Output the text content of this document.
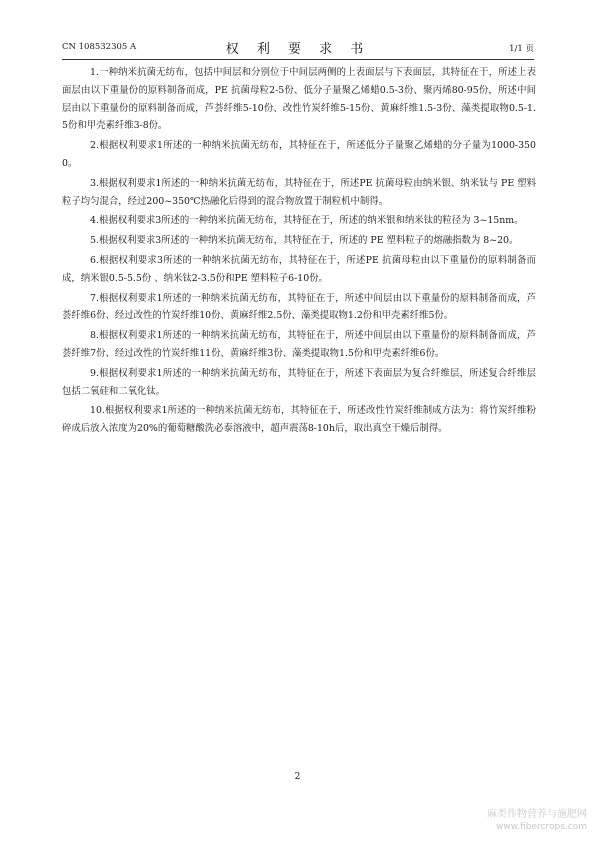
CN 108532305 A	权 利 要 求 书	1/1 页

1.一种纳米抗菌无纺布，包括中间层和分别位于中间层两侧的上表面层与下表面层，其特征在于，所述上表面层由以下重量份的原料制备而成，PE 抗菌母粒2-5份、低分子量聚乙烯蜡0.5-3份、聚丙烯80-95份，所述中间层由以下重量份的原料制备而成，芦荟纤维5-10份、改性竹炭纤维5-15份、黄麻纤维1.5-3份、藻类提取物0.5-1.5份和甲壳素纤维3-8份。

2.根据权利要求1所述的一种纳米抗菌无纺布，其特征在于，所述低分子量聚乙烯蜡的分子量为1000-3500。

3.根据权利要求1所述的一种纳米抗菌无纺布，其特征在于，所述PE 抗菌母粒由纳米银、纳米钛与 PE 塑料粒子均匀混合，经过200~350℃热融化后得到的混合物放置于制粒机中制得。

4.根据权利要求3所述的一种纳米抗菌无纺布，其特征在于，所述的纳米银和纳米钛的粒径为 3~15nm。

5.根据权利要求3所述的一种纳米抗菌无纺布，其特征在于，所述的 PE 塑料粒子的熔融指数为 8~20。

6.根据权利要求3所述的一种纳米抗菌无纺布，其特征在于，所述PE 抗菌母粒由以下重量份的原料制备而成，纳米银0.5-5.5份 、纳米钛2-3.5份和PE 塑料粒子6-10份。

7.根据权利要求1所述的一种纳米抗菌无纺布，其特征在于，所述中间层由以下重量份的原料制备而成，芦荟纤维6份、经过改性的竹炭纤维10份、黄麻纤维2.5份、藻类提取物1.2份和甲壳素纤维5份。

8.根据权利要求1所述的一种纳米抗菌无纺布，其特征在于，所述中间层由以下重量份的原料制备而成，芦荟纤维7份、经过改性的竹炭纤维11份、黄麻纤维3份、藻类提取物1.5份和甲壳素纤维6份。

9.根据权利要求1所述的一种纳米抗菌无纺布，其特征在于，所述下表面层为复合纤维层，所述复合纤维层包括二氧硅和二氧化钛。

10.根据权利要求1所述的一种纳米抗菌无纺布，其特征在于，所述改性竹炭纤维制成方法为：将竹炭纤维粉碎成后放入浓度为20%的葡萄糖酸洗必泰溶液中，超声震荡8-10h后，取出真空干燥后制得。

2
麻类作物营养与施肥网
www.fibercrops.com
